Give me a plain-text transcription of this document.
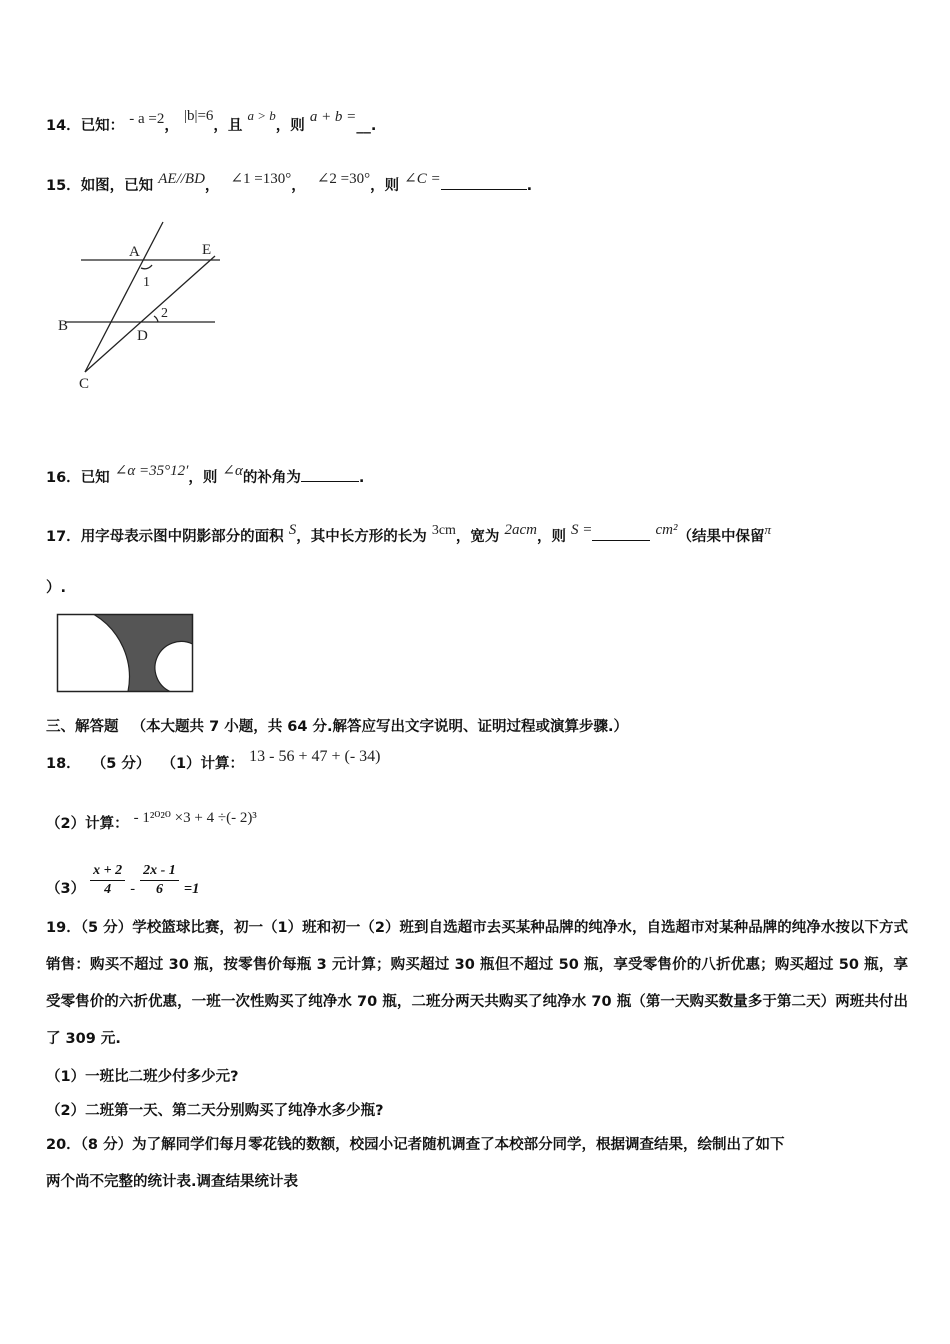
14．已知： - a =2， |b|=6，且 a > b，则 a + b =__.
15．如图，已知 AE//BD， ∠1 =130°， ∠2 =30°，则 ∠C =	.
A	E
B
D
C
1
2
16．已知 ∠α =35°12′，则 ∠α的补角为	.
17．用字母表示图中阴影部分的面积 S，其中长方形的长为 3cm，宽为 2acm，则 S =	cm²（结果中保留π
）.
三、解答题 （本大题共 7 小题，共 64 分.解答应写出文字说明、证明过程或演算步骤.）
18． （5 分） （1）计算： 13 - 56 + 47 + (- 34)
（2）计算： - 1²⁰²⁰ ×3 + 4 ÷(- 2)³
$(3) \frac{x + 2}{4} - \frac{2x - 1}{6} =1$
19．（5 分）学校篮球比赛，初一（1）班和初一（2）班到自选超市去买某种品牌的纯净水，自选超市对某种品牌的纯净水按以下方式销售：购买不超过 30 瓶，按零售价每瓶 3 元计算；购买超过 30 瓶但不超过 50 瓶，享受零售价的八折优惠；购买超过 50 瓶，享受零售价的六折优惠，一班一次性购买了纯净水 70 瓶，二班分两天共购买了纯净水 70 瓶（第一天购买数量多于第二天）两班共付出了 309 元.
（1）一班比二班少付多少元?
（2）二班第一天、第二天分别购买了纯净水多少瓶?
20．（8 分）为了解同学们每月零花钱的数额，校园小记者随机调查了本校部分同学，根据调查结果，绘制出了如下
两个尚不完整的统计表.调查结果统计表
